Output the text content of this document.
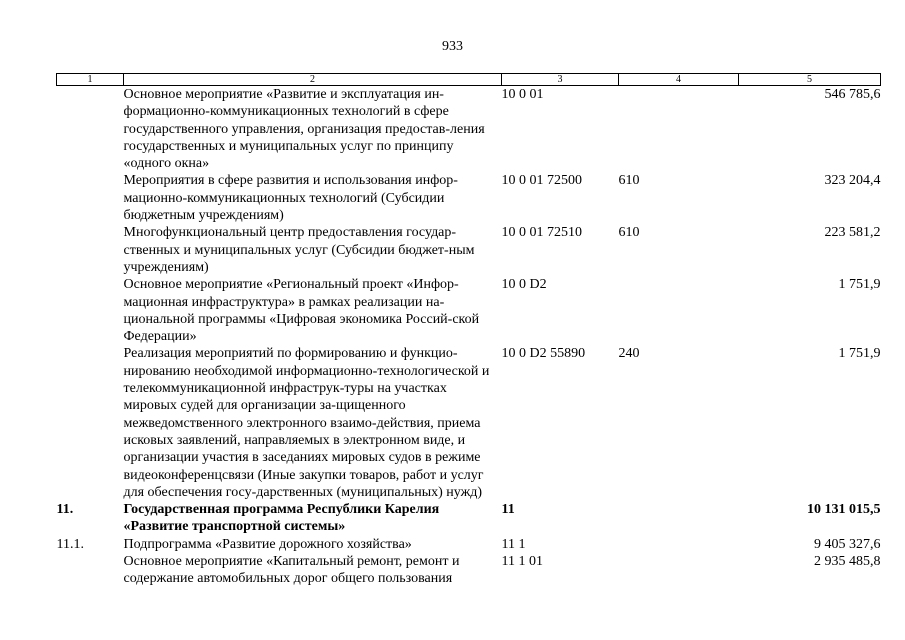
933
1	2	3	4	5
	Основное мероприятие «Развитие и эксплуатация ин-формационно-коммуникационных технологий в сфере государственного управления, организация предостав-ления государственных и муниципальных услуг по принципу «одного окна»	10 0 01		546 785,6
	Мероприятия в сфере развития и использования инфор-мационно-коммуникационных технологий (Субсидии бюджетным учреждениям)	10 0 01 72500	610	323 204,4
	Многофункциональный центр предоставления государ-ственных и муниципальных услуг (Субсидии бюджет-ным учреждениям)	10 0 01 72510	610	223 581,2
	Основное мероприятие «Региональный проект «Инфор-мационная инфраструктура» в рамках реализации на-циональной программы «Цифровая экономика Россий-ской Федерации»	10 0 D2		1 751,9
	Реализация мероприятий по формированию и функцио-нированию необходимой информационно-технологической и телекоммуникационной инфраструк-туры на участках мировых судей для организации за-щищенного межведомственного электронного взаимо-действия, приема исковых заявлений, направляемых в электронном виде, и организации участия в заседаниях мировых судов в режиме видеоконференцсвязи (Иные закупки товаров, работ и услуг для обеспечения госу-дарственных (муниципальных) нужд)	10 0 D2 55890	240	1 751,9
11.	Государственная программа Республики Карелия «Развитие транспортной системы»	11		10 131 015,5
11.1.	Подпрограмма «Развитие дорожного хозяйства»	11 1		9 405 327,6
	Основное мероприятие «Капитальный ремонт, ремонт и содержание автомобильных дорог общего пользования	11 1 01		2 935 485,8
